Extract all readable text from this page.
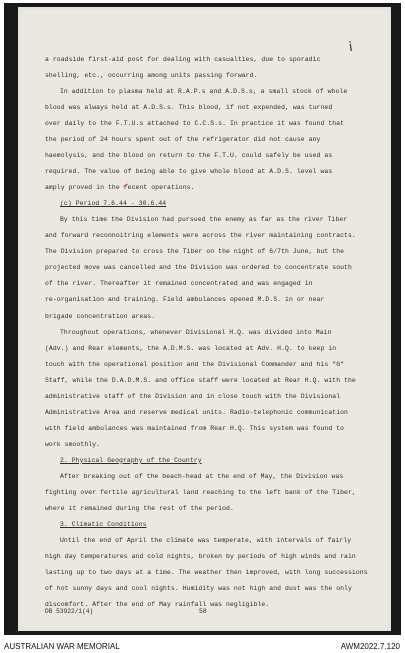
ⅰ
a roadside first-aid post for dealing with casualties, due to sporadic
shelling, etc., occurring among units passing forward.
In addition to plasma held at R.A.P.s and A.D.S.s, a small stock of whole
blood was always held at A.D.S.s. This blood, if not expended, was turned
over daily to the F.T.U.s attached to C.C.S.s. In practice it was found that
the period of 24 hours spent out of the refrigerator did not cause any
haemolysis, and the blood on return to the F.T.U. could safely be used as
required. The value of being able to give whole blood at A.D.S. level was
amply proved in the recent operations.
(c) Period 7.6.44 - 30.6.44
By this time the Division had pursued the enemy as far as the river Tiber
and forward reconnoitring elements were across the river maintaining contracts.
The Division prepared to cross the Tiber on the night of 6/7th June, but the
projected move was cancelled and the Division was ordered to concentrate south
of the river. Thereafter it remained concentrated and was engaged in
re-organisation and training. Field ambulances opened M.D.S. in or near
brigade concentration areas.
Throughout operations, whenever Divisional H.Q. was divided into Main
(Adv.) and Rear elements, the A.D.M.S. was located at Adv. H.Q. to keep in
touch with the operational position and the Divisional Commander and his "G"
Staff, while the D.A.D.M.S. and office staff were located at Rear H.Q. with the
administrative staff of the Division and in close touch with the Divisional
Administrative Area and reserve medical units. Radio-telephonic communication
with field ambulances was maintained from Rear H.Q. This system was found to
work smoothly.
2. Physical Geography of the Country
After breaking out of the beach-head at the end of May, the Division was
fighting over fertile agricultural land reaching to the left bank of the Tiber,
where it remained during the rest of the period.
3. Climatic Conditions
Until the end of April the climate was temperate, with intervals of fairly
high day temperatures and cold nights, broken by periods of high winds and rain
lasting up to two days at a time. The weather then improved, with long successions
of hot sunny days and cool nights. Humidity was not high and dust was the only
discomfort. After the end of May rainfall was negligible.
DB 53922/1(4)	58
AUSTRALIAN WAR MEMORIAL	AWM2022.7.120
